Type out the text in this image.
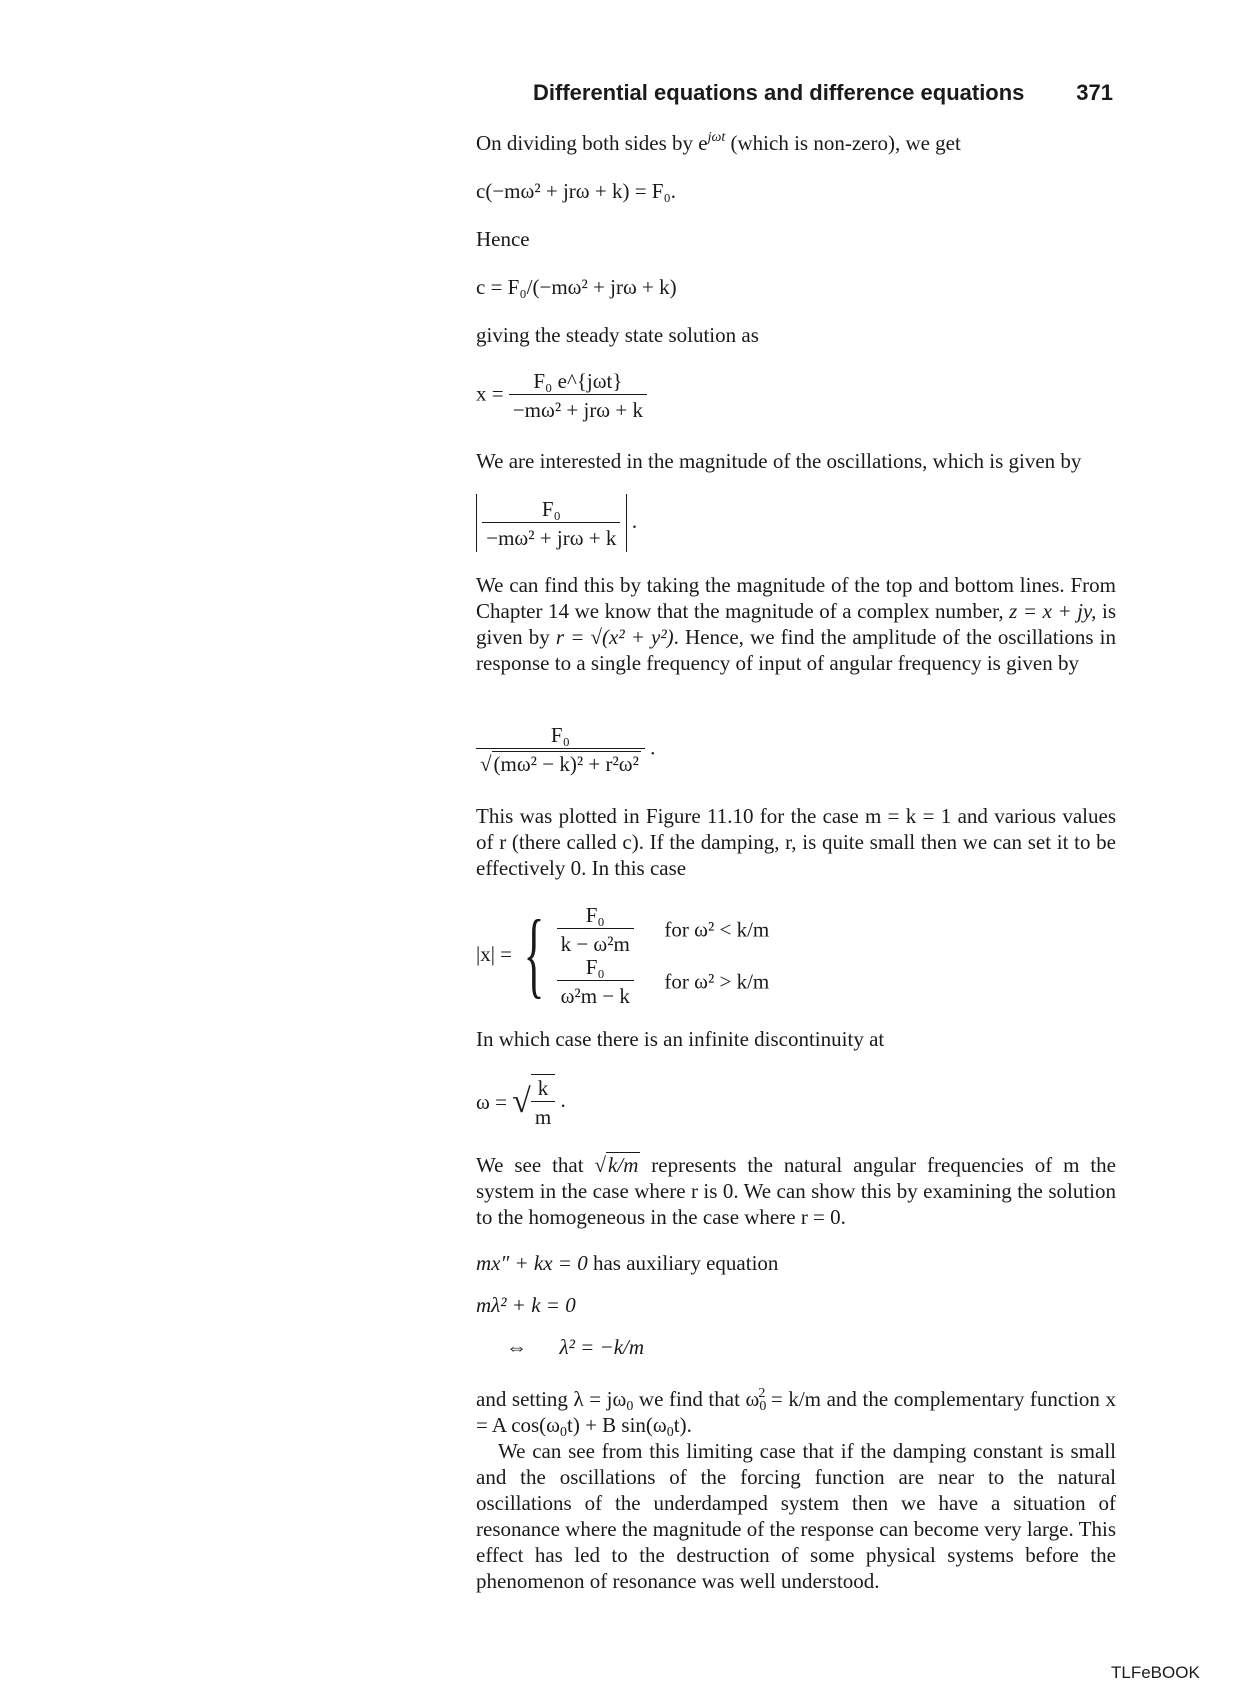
Differential equations and difference equations 371

On dividing both sides by $e^{j\omega t}$ (which is non-zero), we get

c(−mω² + jrω + k) = F₀.

Hence

c = F₀/(−mω² + jrω + k)

giving the steady state solution as

$x = \frac{\text{F₀ e\textasciicircum{}\{jωt\}}}{\text{−mω² + jrω + k}}$

We are interested in the magnitude of the oscillations, which is given by

$\frac{\text{F₀}}{\text{−mω² + jrω + k}}$ .

We can find this by taking the magnitude of the top and bottom lines. From Chapter 14 we know that the magnitude of a complex number, z = x + jy, is given by r = √(x² + y²). Hence, we find the amplitude of the oscillations in response to a single frequency of input of angular frequency is given by

$\frac{\text{F₀}}{\text{√(mω² − k)² + r²ω²}}$ .

This was plotted in Figure 11.10 for the case m = k = 1 and various values of r (there called c). If the damping, r, is quite small then we can set it to be effectively 0. In this case

|x| = { $\frac{\text{F₀}}{\text{k − ω²m}}$ for ω² < k/m
$\frac{\text{F₀}}{\text{ω²m − k}}$ for ω² > k/m

In which case there is an infinite discontinuity at

ω = √ $\frac{k}{m}$ .

We see that √k/m represents the natural angular frequencies of m the system in the case where r is 0. We can show this by examining the solution to the homogeneous in the case where r = 0.

mx″ + kx = 0 has auxiliary equation
mλ² + k = 0
⇔ λ² = −k/m

and setting $\lambda = j\omega_0$ we find that $\omega_0^2 = k/m$ and the complementary function x = A $\cos(\omega_0t) + B$ $\sin(\omega_0t)$.

We can see from this limiting case that if the damping constant is small and the oscillations of the forcing function are near to the natural oscillations of the underdamped system then we have a situation of resonance where the magnitude of the response can become very large. This effect has led to the destruction of some physical systems before the phenomenon of resonance was well understood.

TLFeBOOK
